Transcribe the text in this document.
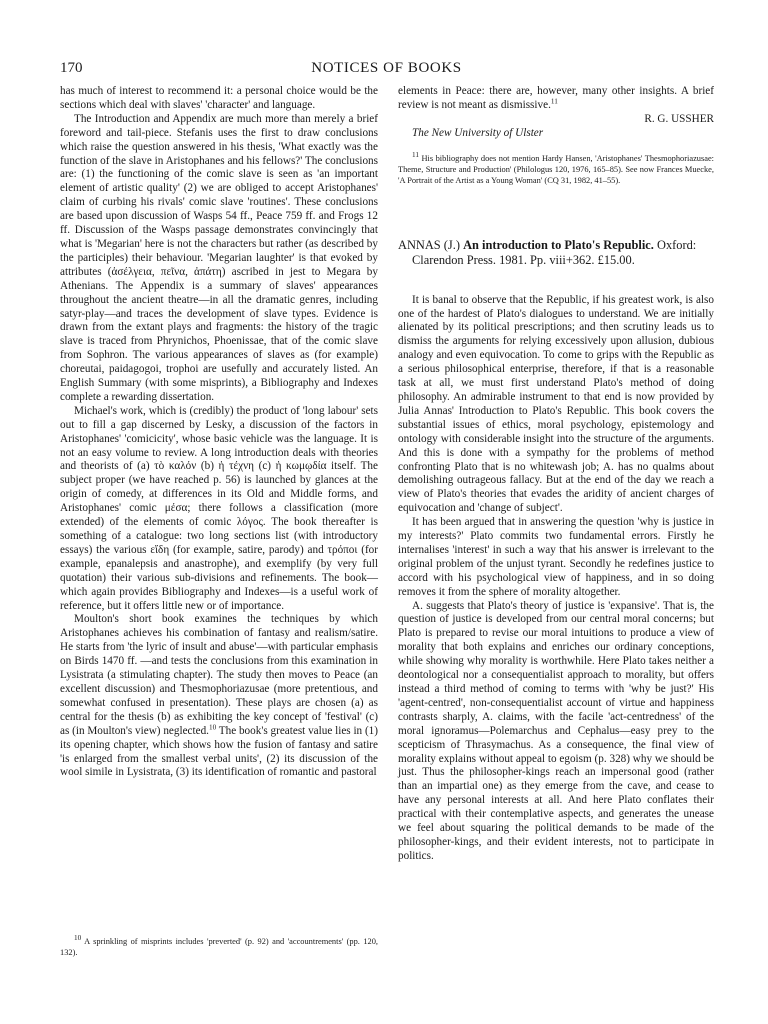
170	NOTICES OF BOOKS

has much of interest to recommend it: a personal choice would be the sections which deal with slaves' 'character' and language.

The Introduction and Appendix are much more than merely a brief foreword and tail-piece. Stefanis uses the first to draw conclusions which raise the question answered in his thesis, 'What exactly was the function of the slave in Aristophanes and his fellows?' The conclusions are: (1) the functioning of the comic slave is seen as 'an important element of artistic quality' (2) we are obliged to accept Aristophanes' claim of curbing his rivals' comic slave 'routines'. These conclusions are based upon discussion of Wasps 54 ff., Peace 759 ff. and Frogs 12 ff. Discussion of the Wasps passage demonstrates convincingly that what is 'Megarian' here is not the characters but rather (as described by the participles) their behaviour. 'Megarian laughter' is that evoked by attributes (ἀσέλγεια, πεῖνα, ἀπάτη) ascribed in jest to Megara by Athenians. The Appendix is a summary of slaves' appearances throughout the ancient theatre—in all the dramatic genres, including satyr-play—and traces the development of slave types. Evidence is drawn from the extant plays and fragments: the history of the tragic slave is traced from Phrynichos, Phoenissae, that of the comic slave from Sophron. The various appearances of slaves as (for example) choreutai, paidagogoi, trophoi are usefully and accurately listed. An English Summary (with some misprints), a Bibliography and Indexes complete a rewarding dissertation.

Michael's work, which is (credibly) the product of 'long labour' sets out to fill a gap discerned by Lesky, a discussion of the factors in Aristophanes' 'comicicity', whose basic vehicle was the language. It is not an easy volume to review. A long introduction deals with theories and theorists of (a) τὸ καλόν (b) ἡ τέχνη (c) ἡ κωμῳδία itself. The subject proper (we have reached p. 56) is launched by glances at the origin of comedy, at differences in its Old and Middle forms, and Aristophanes' comic μέσα; there follows a classification (more extended) of the elements of comic λόγος. The book thereafter is something of a catalogue: two long sections list (with introductory essays) the various εἴδη (for example, satire, parody) and τρόποι (for example, epanalepsis and anastrophe), and exemplify (by very full quotation) their various sub-divisions and refinements. The book—which again provides Bibliography and Indexes—is a useful work of reference, but it offers little new or of importance.

Moulton's short book examines the techniques by which Aristophanes achieves his combination of fantasy and realism/satire. He starts from 'the lyric of insult and abuse'—with particular emphasis on Birds 1470 ff. —and tests the conclusions from this examination in Lysistrata (a stimulating chapter). The study then moves to Peace (an excellent discussion) and Thesmophoriazusae (more pretentious, and somewhat confused in presentation). These plays are chosen (a) as central for the thesis (b) as exhibiting the key concept of 'festival' (c) as (in Moulton's view) neglected.$^{10}$ The book's greatest value lies in (1) its opening chapter, which shows how the fusion of fantasy and satire 'is enlarged from the smallest verbal units', (2) its discussion of the wool simile in Lysistrata, (3) its identification of romantic and pastoral

$^{10}$ A sprinkling of misprints includes 'preverted' (p. 92) and 'accountrements' (pp. 120, 132).

elements in Peace: there are, however, many other insights. A brief review is not meant as dismissive.$^{11}$

R. G. USSHER

The New University of Ulster

$^{11}$ His bibliography does not mention Hardy Hansen, 'Aristophanes' Thesmophoriazusae: Theme, Structure and Production' (Philologus 120, 1976, 165–85). See now Frances Muecke, 'A Portrait of the Artist as a Young Woman' (CQ 31, 1982, 41–55).

ANNAS (J.) An introduction to Plato's Republic. Oxford: Clarendon Press. 1981. Pp. viii+362. £15.00.

It is banal to observe that the Republic, if his greatest work, is also one of the hardest of Plato's dialogues to understand. We are initially alienated by its political prescriptions; and then scrutiny leads us to dismiss the arguments for relying excessively upon allusion, dubious analogy and even equivocation. To come to grips with the Republic as a serious philosophical enterprise, therefore, if that is a reasonable task at all, we must first understand Plato's method of doing philosophy. An admirable instrument to that end is now provided by Julia Annas' Introduction to Plato's Republic. This book covers the substantial issues of ethics, moral psychology, epistemology and ontology with considerable insight into the structure of the arguments. And this is done with a sympathy for the problems of method confronting Plato that is no whitewash job; A. has no qualms about demolishing outrageous fallacy. But at the end of the day we reach a view of Plato's theories that evades the aridity of ancient charges of equivocation and 'change of subject'.

It has been argued that in answering the question 'why is justice in my interests?' Plato commits two fundamental errors. Firstly he internalises 'interest' in such a way that his answer is irrelevant to the original problem of the unjust tyrant. Secondly he redefines justice to accord with his psychological view of happiness, and in so doing removes it from the sphere of morality altogether.

A. suggests that Plato's theory of justice is 'expansive'. That is, the question of justice is developed from our central moral concerns; but Plato is prepared to revise our moral intuitions to produce a view of morality that both explains and enriches our ordinary conceptions, while showing why morality is worthwhile. Here Plato takes neither a deontological nor a consequentialist approach to morality, but offers instead a third method of coming to terms with 'why be just?' His 'agent-centred', non-consequentialist account of virtue and happiness contrasts sharply, A. claims, with the facile 'act-centredness' of the moral ignoramus—Polemarchus and Cephalus—easy prey to the scepticism of Thrasymachus. As a consequence, the final view of morality explains without appeal to egoism (p. 328) why we should be just. Thus the philosopher-kings reach an impersonal good (rather than an impartial one) as they emerge from the cave, and cease to have any personal interests at all. And here Plato conflates their practical with their contemplative aspects, and generates the unease we feel about squaring the political demands to be made of the philosopher-kings, and their evident interests, not to participate in politics.
